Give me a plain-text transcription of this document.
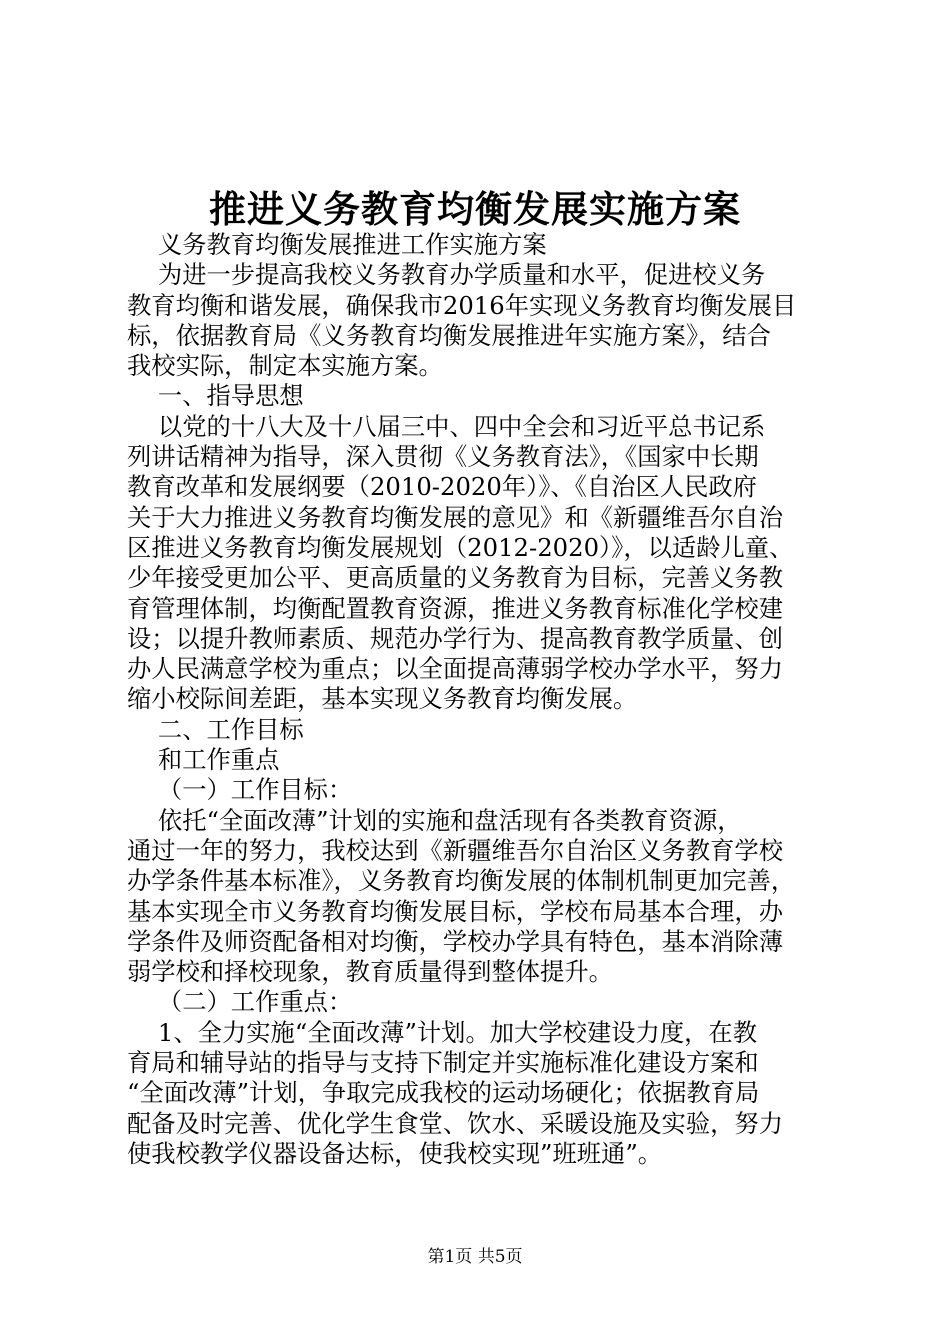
推进义务教育均衡发展实施方案
义务教育均衡发展推进工作实施方案
为进一步提高我校义务教育办学质量和水平，促进校义务
教育均衡和谐发展，确保我市2016年实现义务教育均衡发展目
标，依据教育局《义务教育均衡发展推进年实施方案》，结合
我校实际，制定本实施方案。
一、指导思想
以党的十八大及十八届三中、四中全会和习近平总书记系
列讲话精神为指导，深入贯彻《义务教育法》，《国家中长期
教育改革和发展纲要（2010-2020年）》、《自治区人民政府
关于大力推进义务教育均衡发展的意见》和《新疆维吾尔自治
区推进义务教育均衡发展规划（2012-2020）》，以适龄儿童、
少年接受更加公平、更高质量的义务教育为目标，完善义务教
育管理体制，均衡配置教育资源，推进义务教育标准化学校建
设；以提升教师素质、规范办学行为、提高教育教学质量、创
办人民满意学校为重点；以全面提高薄弱学校办学水平，努力
缩小校际间差距，基本实现义务教育均衡发展。
二、工作目标
和工作重点
（一）工作目标：
依托“全面改薄”计划的实施和盘活现有各类教育资源，
通过一年的努力，我校达到《新疆维吾尔自治区义务教育学校
办学条件基本标准》，义务教育均衡发展的体制机制更加完善，
基本实现全市义务教育均衡发展目标，学校布局基本合理，办
学条件及师资配备相对均衡，学校办学具有特色，基本消除薄
弱学校和择校现象，教育质量得到整体提升。
（二）工作重点：
1、全力实施“全面改薄”计划。加大学校建设力度，在教
育局和辅导站的指导与支持下制定并实施标准化建设方案和
“全面改薄”计划，争取完成我校的运动场硬化；依据教育局
配备及时完善、优化学生食堂、饮水、采暖设施及实验，努力
使我校教学仪器设备达标，使我校实现”班班通”。
第1页 共5页
